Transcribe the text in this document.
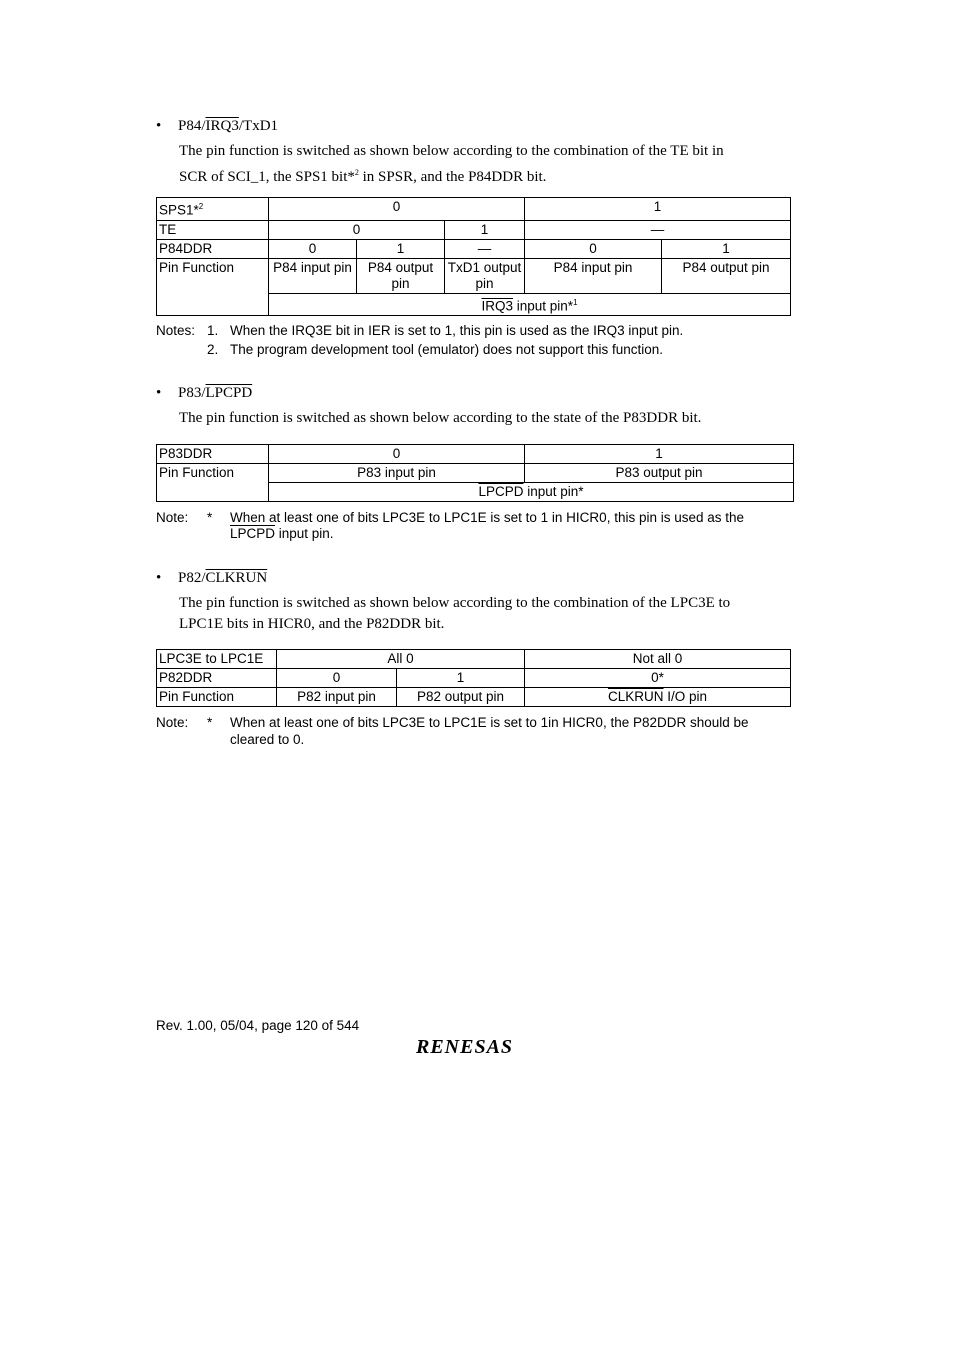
• P84/IRQ3/TxD1
The pin function is switched as shown below according to the combination of the TE bit in
SCR of SCI_1, the SPS1 bit*$^2$ in SPSR, and the P84DDR bit.
SPS1*$^2$	0			1	
TE	0		1	—	
P84DDR	0	1	—	0	1
Pin Function	P84 input pin	P84 output pin	TxD1 output pin	P84 input pin	P84 output pin
	IRQ3 input pin*$^1$
Notes: 1. When the IRQ3E bit in IER is set to 1, this pin is used as the IRQ3 input pin.
2. The program development tool (emulator) does not support this function.
• P83/LPCPD
The pin function is switched as shown below according to the state of the P83DDR bit.
P83DDR	0	1
Pin Function	P83 input pin	P83 output pin
	LPCPD input pin*	
Note: * When at least one of bits LPC3E to LPC1E is set to 1 in HICR0, this pin is used as the
LPCPD input pin.
• P82/CLKRUN
The pin function is switched as shown below according to the combination of the LPC3E to
LPC1E bits in HICR0, and the P82DDR bit.
LPC3E to LPC1E	All 0		Not all 0
P82DDR	0	1	0*
Pin Function	P82 input pin	P82 output pin	CLKRUN I/O pin
Note: * When at least one of bits LPC3E to LPC1E is set to 1in HICR0, the P82DDR should be
cleared to 0.
Rev. 1.00, 05/04, page 120 of 544
RENESAS
